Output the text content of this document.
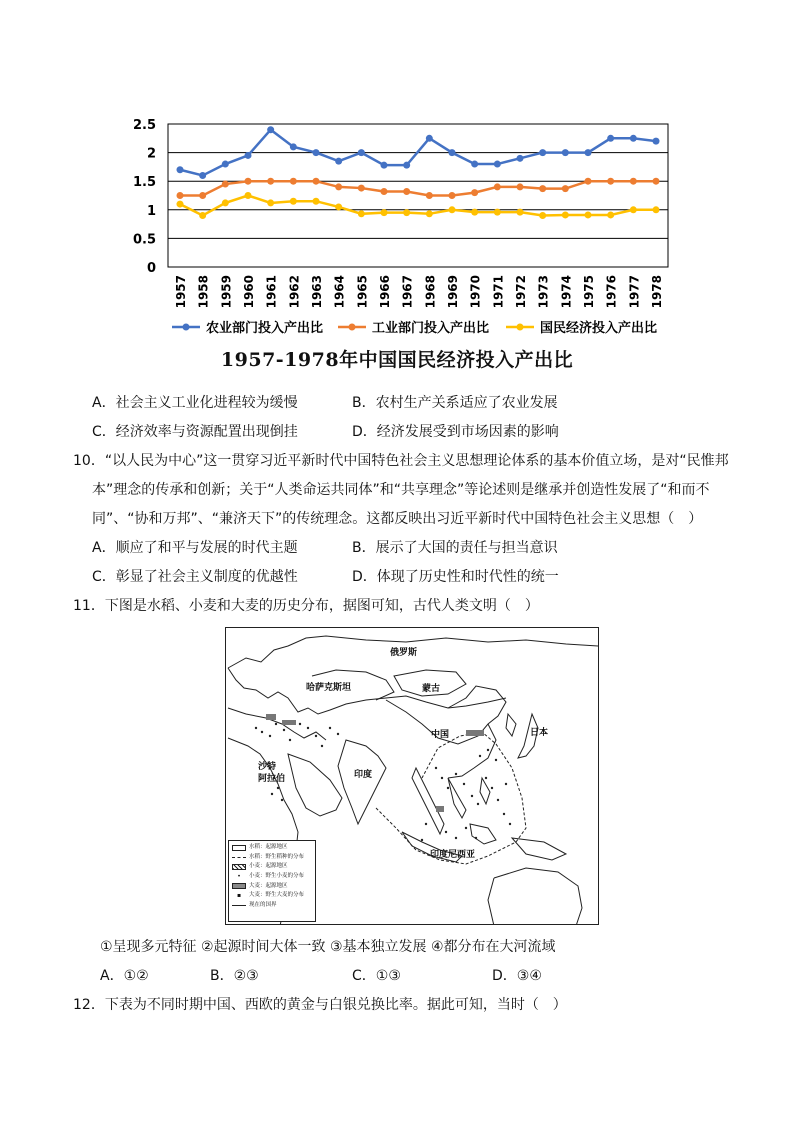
2.5
2
1.5
1
0.5
0
1957 1958 1959 1960 1961 1962 1963 1964 1965 1966 1967 1968 1969 1970 1971 1972 1973 1974 1975 1976 1977 1978
农业部门投入产出比	工业部门投入产出比	国民经济投入产出比
1957-1978年中国国民经济投入产出比
A．社会主义工业化进程较为缓慢	B．农村生产关系适应了农业发展
C．经济效率与资源配置出现倒挂	D．经济发展受到市场因素的影响
10．“以人民为中心”这一贯穿习近平新时代中国特色社会主义思想理论体系的基本价值立场，是对“民惟邦
本”理念的传承和创新；关于“人类命运共同体”和“共享理念”等论述则是继承并创造性发展了“和而不
同”、“协和万邦”、“兼济天下”的传统理念。这都反映出习近平新时代中国特色社会主义思想（　）
A．顺应了和平与发展的时代主题	B．展示了大国的责任与担当意识
C．彰显了社会主义制度的优越性	D．体现了历史性和时代性的统一
11．下图是水稻、小麦和大麦的历史分布，据图可知，古代人类文明（　）
俄罗斯
哈萨克斯坦	蒙古
中国	日本
沙特
阿拉伯	印度
印度尼西亚
水稻：起源地区
水稻：野生稻种的分布
小麦：起源地区
•	小麦：野生小麦的分布
大麦：起源地区
▪	大麦：野生大麦的分布
现在的国界
①呈现多元特征 ②起源时间大体一致 ③基本独立发展 ④都分布在大河流域
A．①②	B．②③	C．①③	D．③④
12．下表为不同时期中国、西欧的黄金与白银兑换比率。据此可知，当时（　）
